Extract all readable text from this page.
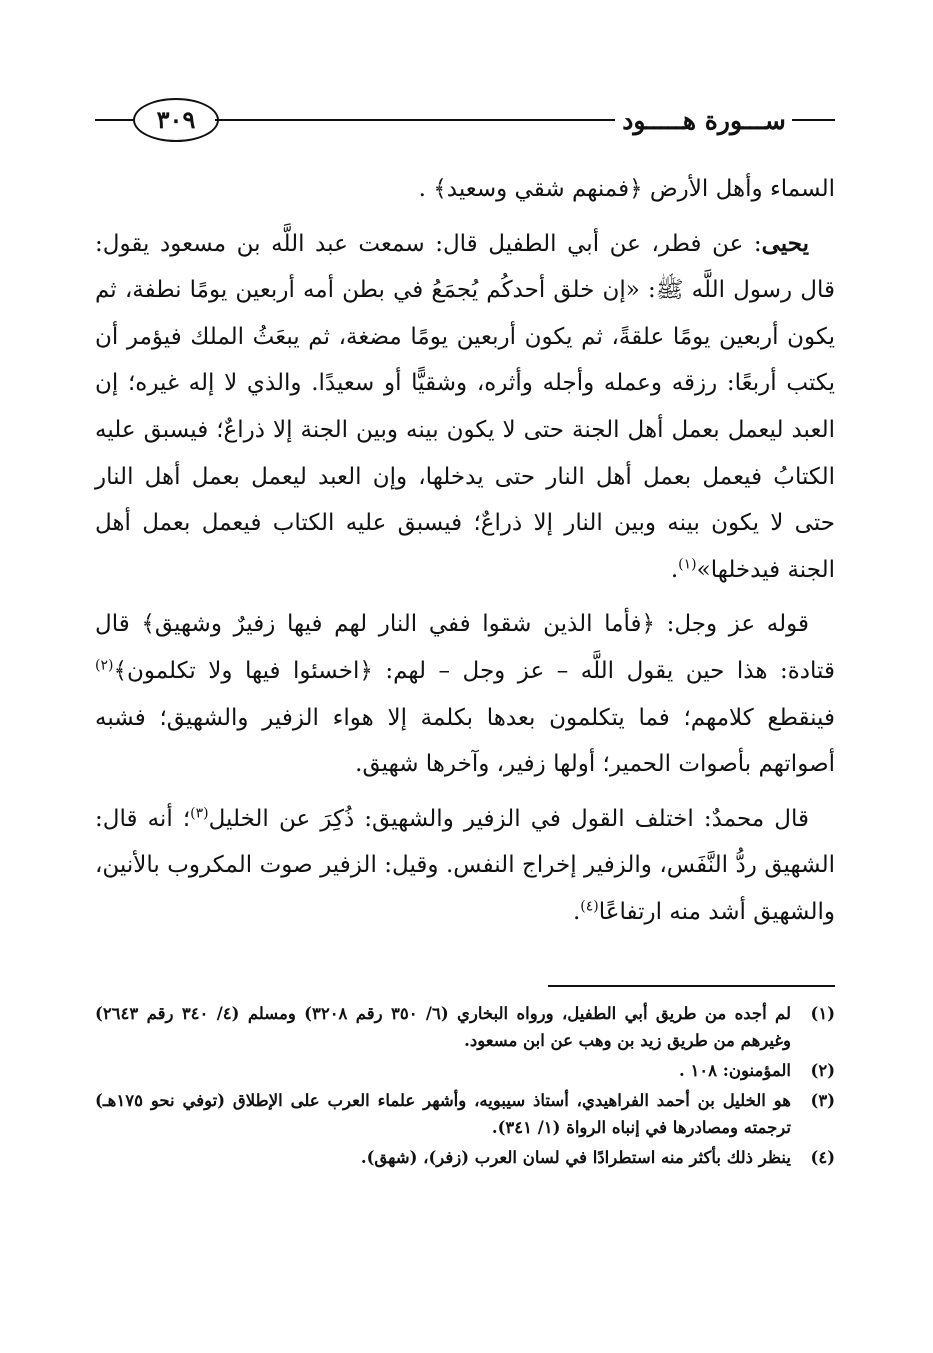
٣٠٩	ســـورة هـــــود

السماء وأهل الأرض ﴿فمنهم شقي وسعيد﴾ .

يحيى: عن فطر، عن أبي الطفيل قال: سمعت عبد اللَّه بن مسعود يقول: قال رسول اللَّه ﷺ: «إن خلق أحدكُم يُجمَعُ في بطن أمه أربعين يومًا نطفة، ثم يكون أربعين يومًا علقةً، ثم يكون أربعين يومًا مضغة، ثم يبعَثُ الملك فيؤمر أن يكتب أربعًا: رزقه وعمله وأجله وأثره، وشقيًّا أو سعيدًا. والذي لا إله غيره؛ إن العبد ليعمل بعمل أهل الجنة حتى لا يكون بينه وبين الجنة إلا ذراعٌ؛ فيسبق عليه الكتابُ فيعمل بعمل أهل النار حتى يدخلها، وإن العبد ليعمل بعمل أهل النار حتى لا يكون بينه وبين النار إلا ذراعٌ؛ فيسبق عليه الكتاب فيعمل بعمل أهل الجنة فيدخلها»$^{(١)}$.

قوله عز وجل: ﴿فأما الذين شقوا ففي النار لهم فيها زفيرٌ وشهيق﴾ قال قتادة: هذا حين يقول اللَّه – عز وجل – لهم: ﴿اخسئوا فيها ولا تكلمون﴾$^{(٢)}$ فينقطع كلامهم؛ فما يتكلمون بعدها بكلمة إلا هواء الزفير والشهيق؛ فشبه أصواتهم بأصوات الحمير؛ أولها زفير، وآخرها شهيق.

قال محمدٌ: اختلف القول في الزفير والشهيق: ذُكِرَ عن الخليل$^{(٣)}$؛ أنه قال: الشهيق ردُّ النَّفَس، والزفير إخراج النفس. وقيل: الزفير صوت المكروب بالأنين، والشهيق أشد منه ارتفاعًا$^{(٤)}$.

(١)
لم أجده من طريق أبي الطفيل، ورواه البخاري (٦/ ٣٥٠ رقم ٣٢٠٨) ومسلم (٤/ ٣٤٠ رقم ٢٦٤٣) وغيرهم من طريق زيد بن وهب عن ابن مسعود.
(٢)
المؤمنون: ١٠٨ .
(٣)
هو الخليل بن أحمد الفراهيدي، أستاذ سيبويه، وأشهر علماء العرب على الإطلاق (توفي نحو ١٧٥هـ) ترجمته ومصادرها في إنباه الرواة (١/ ٣٤١).
(٤)
ينظر ذلك بأكثر منه استطرادًا في لسان العرب (زفر)، (شهق).
